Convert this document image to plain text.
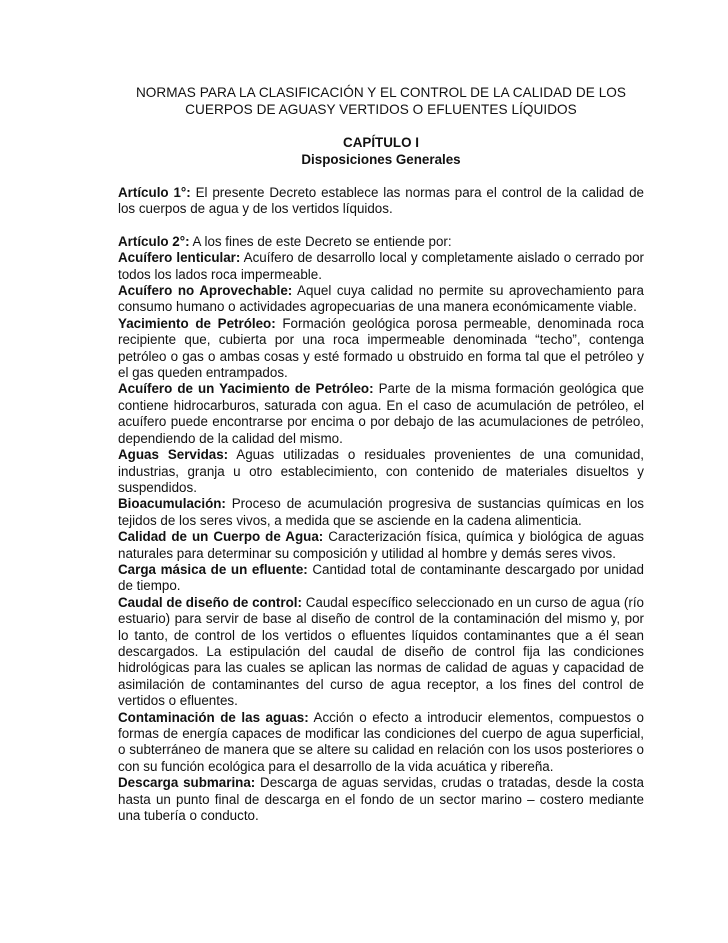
NORMAS PARA LA CLASIFICACIÓN Y EL CONTROL DE LA CALIDAD DE LOS
CUERPOS DE AGUASY VERTIDOS O EFLUENTES LÍQUIDOS
CAPÍTULO I
Disposiciones Generales

Artículo 1°: El presente Decreto establece las normas para el control de la calidad de los cuerpos de agua y de los vertidos líquidos.

Artículo 2°: A los fines de este Decreto se entiende por:

Acuífero lenticular: Acuífero de desarrollo local y completamente aislado o cerrado por todos los lados roca impermeable.

Acuífero no Aprovechable: Aquel cuya calidad no permite su aprovechamiento para consumo humano o actividades agropecuarias de una manera económicamente viable.

Yacimiento de Petróleo: Formación geológica porosa permeable, denominada roca recipiente que, cubierta por una roca impermeable denominada “techo”, contenga petróleo o gas o ambas cosas y esté formado u obstruido en forma tal que el petróleo y el gas queden entrampados.

Acuífero de un Yacimiento de Petróleo: Parte de la misma formación geológica que contiene hidrocarburos, saturada con agua. En el caso de acumulación de petróleo, el acuífero puede encontrarse por encima o por debajo de las acumulaciones de petróleo, dependiendo de la calidad del mismo.

Aguas Servidas: Aguas utilizadas o residuales provenientes de una comunidad, industrias, granja u otro establecimiento, con contenido de materiales disueltos y suspendidos.

Bioacumulación: Proceso de acumulación progresiva de sustancias químicas en los tejidos de los seres vivos, a medida que se asciende en la cadena alimenticia.

Calidad de un Cuerpo de Agua: Caracterización física, química y biológica de aguas naturales para determinar su composición y utilidad al hombre y demás seres vivos.

Carga másica de un efluente: Cantidad total de contaminante descargado por unidad de tiempo.

Caudal de diseño de control: Caudal específico seleccionado en un curso de agua (río estuario) para servir de base al diseño de control de la contaminación del mismo y, por lo tanto, de control de los vertidos o efluentes líquidos contaminantes que a él sean descargados. La estipulación del caudal de diseño de control fija las condiciones hidrológicas para las cuales se aplican las normas de calidad de aguas y capacidad de asimilación de contaminantes del curso de agua receptor, a los fines del control de vertidos o efluentes.

Contaminación de las aguas: Acción o efecto a introducir elementos, compuestos o formas de energía capaces de modificar las condiciones del cuerpo de agua superficial, o subterráneo de manera que se altere su calidad en relación con los usos posteriores o con su función ecológica para el desarrollo de la vida acuática y ribereña.

Descarga submarina: Descarga de aguas servidas, crudas o tratadas, desde la costa hasta un punto final de descarga en el fondo de un sector marino – costero mediante una tubería o conducto.
